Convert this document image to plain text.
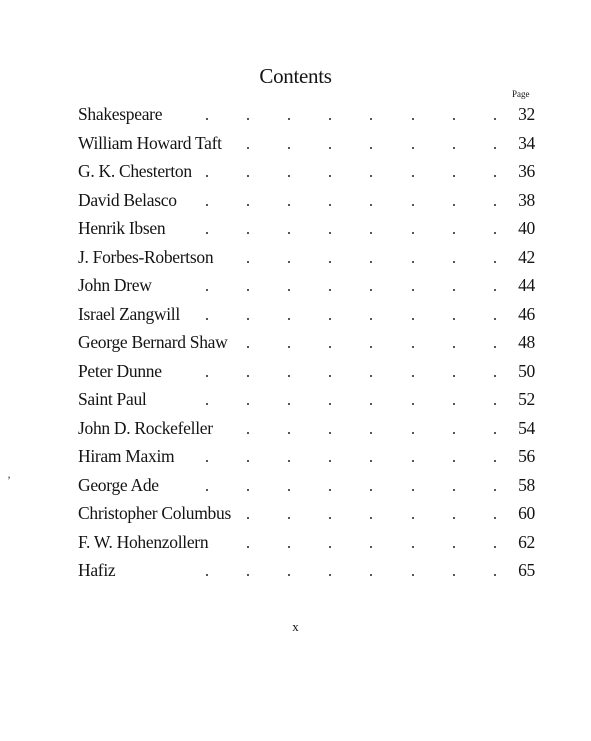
Contents
Page
Shakespeare	32
William Howard Taft	34
G. K. Chesterton	36
David Belasco	38
Henrik Ibsen	40
J. Forbes-Robertson	42
John Drew	44
Israel Zangwill	46
George Bernard Shaw	48
Peter Dunne	50
Saint Paul	52
John D. Rockefeller	54
Hiram Maxim	56
George Ade	58
Christopher Columbus	60
F. W. Hohenzollern	62
Hafiz	65
’
x
